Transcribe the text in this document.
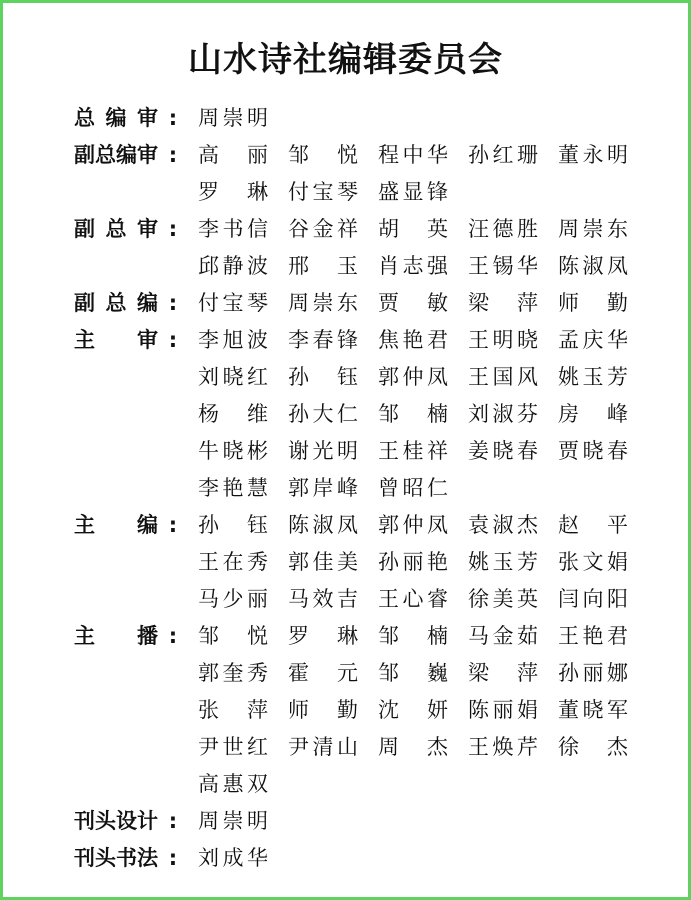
山水诗社编辑委员会
总 编 审 : 周 崇 明
副 总 编 审 : 高 丽 邹 悦 程 中 华 孙 红 珊 董 永 明
罗 琳 付 宝 琴 盛 显 锋
副 总 审 : 李 书 信 谷 金 祥 胡 英 汪 德 胜 周 崇 东
邱 静 波 邢 玉 肖 志 强 王 锡 华 陈 淑 凤
副 总 编 : 付 宝 琴 周 崇 东 贾 敏 梁 萍 师 勤
主 审 : 李 旭 波 李 春 锋 焦 艳 君 王 明 晓 孟 庆 华
刘 晓 红 孙 钰 郭 仲 凤 王 国 风 姚 玉 芳
杨 维 孙 大 仁 邹 楠 刘 淑 芬 房 峰
牛 晓 彬 谢 光 明 王 桂 祥 姜 晓 春 贾 晓 春
李 艳 慧 郭 岸 峰 曾 昭 仁
主 编 : 孙 钰 陈 淑 凤 郭 仲 凤 袁 淑 杰 赵 平
王 在 秀 郭 佳 美 孙 丽 艳 姚 玉 芳 张 文 娟
马 少 丽 马 效 吉 王 心 睿 徐 美 英 闫 向 阳
主 播 : 邹 悦 罗 琳 邹 楠 马 金 茹 王 艳 君
郭 奎 秀 霍 元 邹 巍 梁 萍 孙 丽 娜
张 萍 师 勤 沈 妍 陈 丽 娟 董 晓 军
尹 世 红 尹 清 山 周 杰 王 焕 芹 徐 杰
高 惠 双
刊 头 设 计 : 周 崇 明
刊 头 书 法 : 刘 成 华
